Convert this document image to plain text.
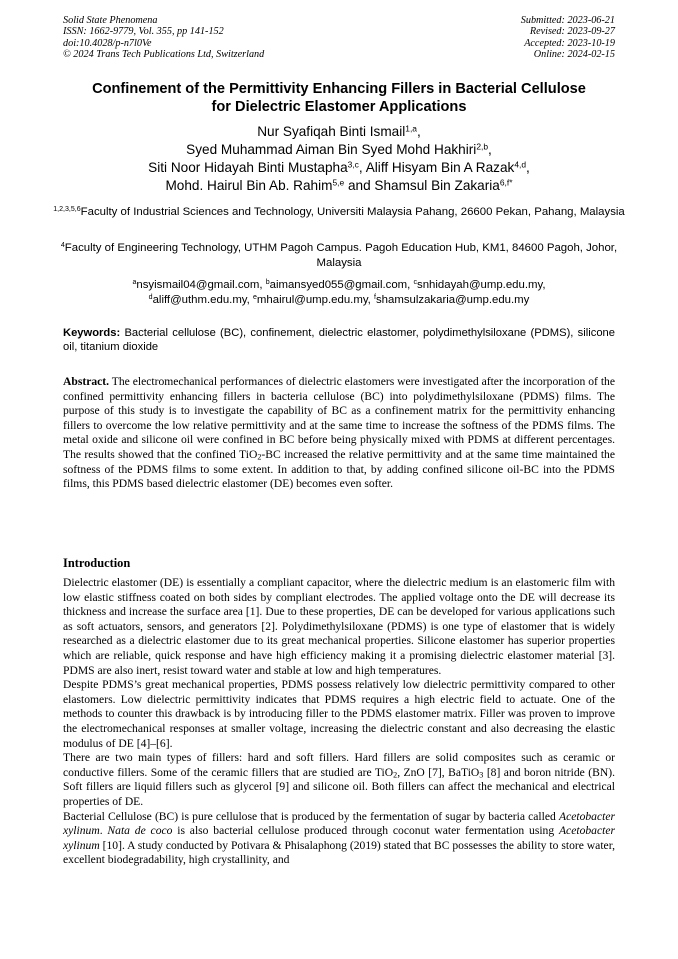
Solid State Phenomena
ISSN: 1662-9779, Vol. 355, pp 141-152
doi:10.4028/p-n7l0Ve
© 2024 Trans Tech Publications Ltd, Switzerland
Submitted: 2023-06-21
Revised: 2023-09-27
Accepted: 2023-10-19
Online: 2024-02-15
Confinement of the Permittivity Enhancing Fillers in Bacterial Cellulose
for Dielectric Elastomer Applications
Nur Syafiqah Binti Ismail$^{1,a}$,
Syed Muhammad Aiman Bin Syed Mohd Hakhiri$^{2,b}$,
Siti Noor Hidayah Binti Mustapha$^{3,c}$, Aliff Hisyam Bin A Razak$^{4,d}$,
Mohd. Hairul Bin Ab. Rahim$^{5,e}$ and Shamsul Bin Zakaria$^{6,f*}$
$^{1,2,3,5,6}$Faculty of Industrial Sciences and Technology, Universiti Malaysia Pahang, 26600 Pekan, Pahang, Malaysia
$^4$Faculty of Engineering Technology, UTHM Pagoh Campus. Pagoh Education Hub, KM1, 84600 Pagoh, Johor, Malaysia
$^a$nsyismail04@gmail.com, $^b$aimansyed055@gmail.com, $^c$snhidayah@ump.edu.my,
$^d$aliff@uthm.edu.my, $^e$mhairul@ump.edu.my, $^f$shamsulzakaria@ump.edu.my
Keywords: Bacterial cellulose (BC), confinement, dielectric elastomer, polydimethylsiloxane (PDMS), silicone oil, titanium dioxide
Abstract. The electromechanical performances of dielectric elastomers were investigated after the incorporation of the confined permittivity enhancing fillers in bacteria cellulose (BC) into polydimethylsiloxane (PDMS) films. The purpose of this study is to investigate the capability of BC as a confinement matrix for the permittivity enhancing fillers to overcome the low relative permittivity and at the same time to increase the softness of the PDMS films. The metal oxide and silicone oil were confined in BC before being physically mixed with PDMS at different percentages. The results showed that the confined TiO$_2$-BC increased the relative permittivity and at the same time maintained the softness of the PDMS films to some extent. In addition to that, by adding confined silicone oil-BC into the PDMS films, this PDMS based dielectric elastomer (DE) becomes even softer.
Introduction

Dielectric elastomer (DE) is essentially a compliant capacitor, where the dielectric medium is an elastomeric film with low elastic stiffness coated on both sides by compliant electrodes. The applied voltage onto the DE will decrease its thickness and increase the surface area [1]. Due to these properties, DE can be developed for various applications such as soft actuators, sensors, and generators [2]. Polydimethylsiloxane (PDMS) is one type of elastomer that is widely researched as a dielectric elastomer due to its great mechanical properties. Silicone elastomer has superior properties which are reliable, quick response and have high efficiency making it a promising dielectric elastomer material [3]. PDMS are also inert, resist toward water and stable at low and high temperatures.

Despite PDMS’s great mechanical properties, PDMS possess relatively low dielectric permittivity compared to other elastomers. Low dielectric permittivity indicates that PDMS requires a high electric field to actuate. One of the methods to counter this drawback is by introducing filler to the PDMS elastomer matrix. Filler was proven to improve the electromechanical responses at smaller voltage, increasing the dielectric constant and also decreasing the elastic modulus of DE [4]–[6].

There are two main types of fillers: hard and soft fillers. Hard fillers are solid composites such as ceramic or conductive fillers. Some of the ceramic fillers that are studied are TiO$_2$, ZnO [7], BaTiO$_3$ [8] and boron nitride (BN). Soft fillers are liquid fillers such as glycerol [9] and silicone oil. Both fillers can affect the mechanical and electrical properties of DE.

Bacterial Cellulose (BC) is pure cellulose that is produced by the fermentation of sugar by bacteria called Acetobacter xylinum. Nata de coco is also bacterial cellulose produced through coconut water fermentation using Acetobacter xylinum [10]. A study conducted by Potivara & Phisalaphong (2019) stated that BC possesses the ability to store water, excellent biodegradability, high crystallinity, and
